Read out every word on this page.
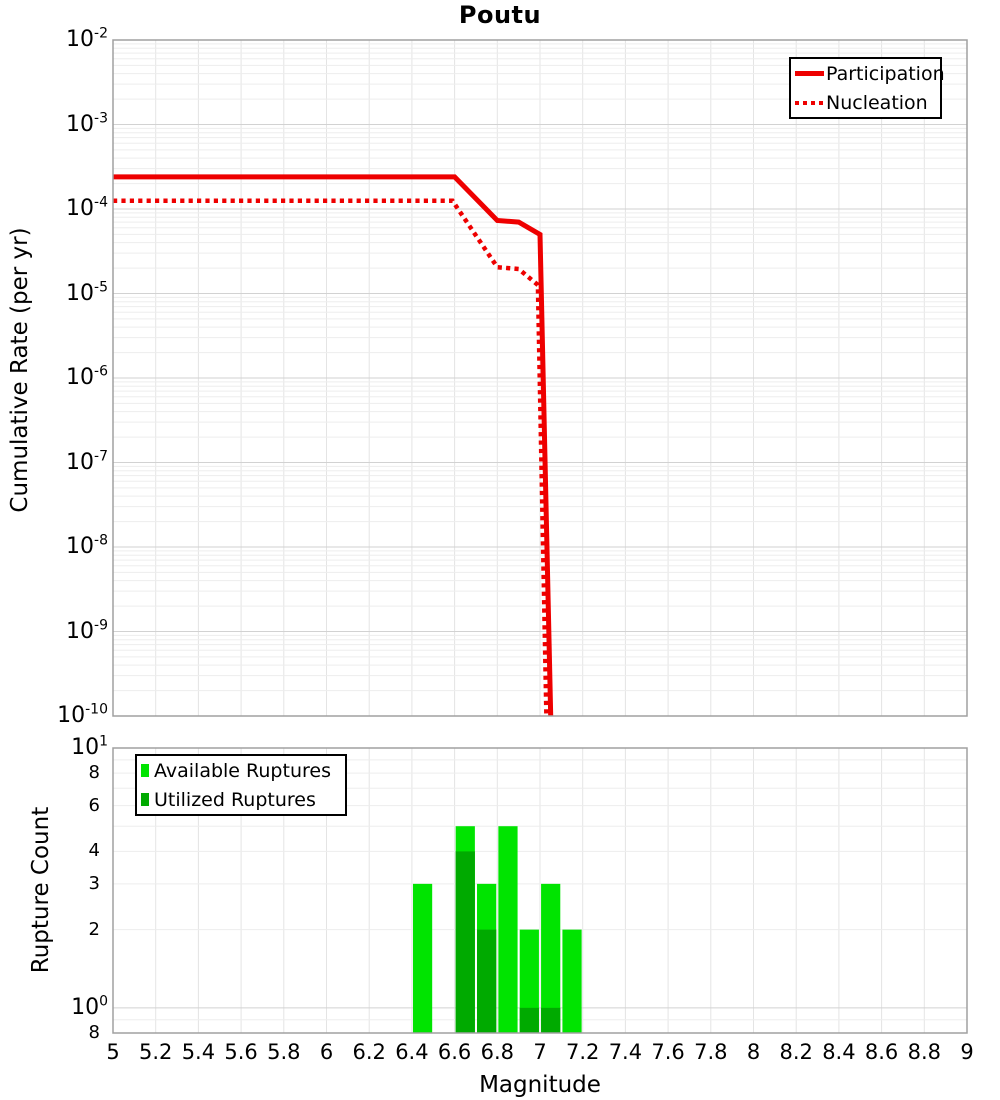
Poutu
Cumulative Rate (per yr)
Rupture Count
Magnitude
$10^{-2}$
$10^{-3}$
$10^{-4}$
$10^{-5}$
$10^{-6}$
$10^{-7}$
$10^{-8}$
$10^{-9}$
$10^{-10}$
$10^1$
$10^0$
8
6
4
3
2
8
5 5.2 5.4 5.6 5.8 6 6.2 6.4 6.6 6.8 7 7.2 7.4 7.6 7.8 8 8.2 8.4 8.6 8.8 9
Participation
Nucleation
Available Ruptures
Utilized Ruptures
